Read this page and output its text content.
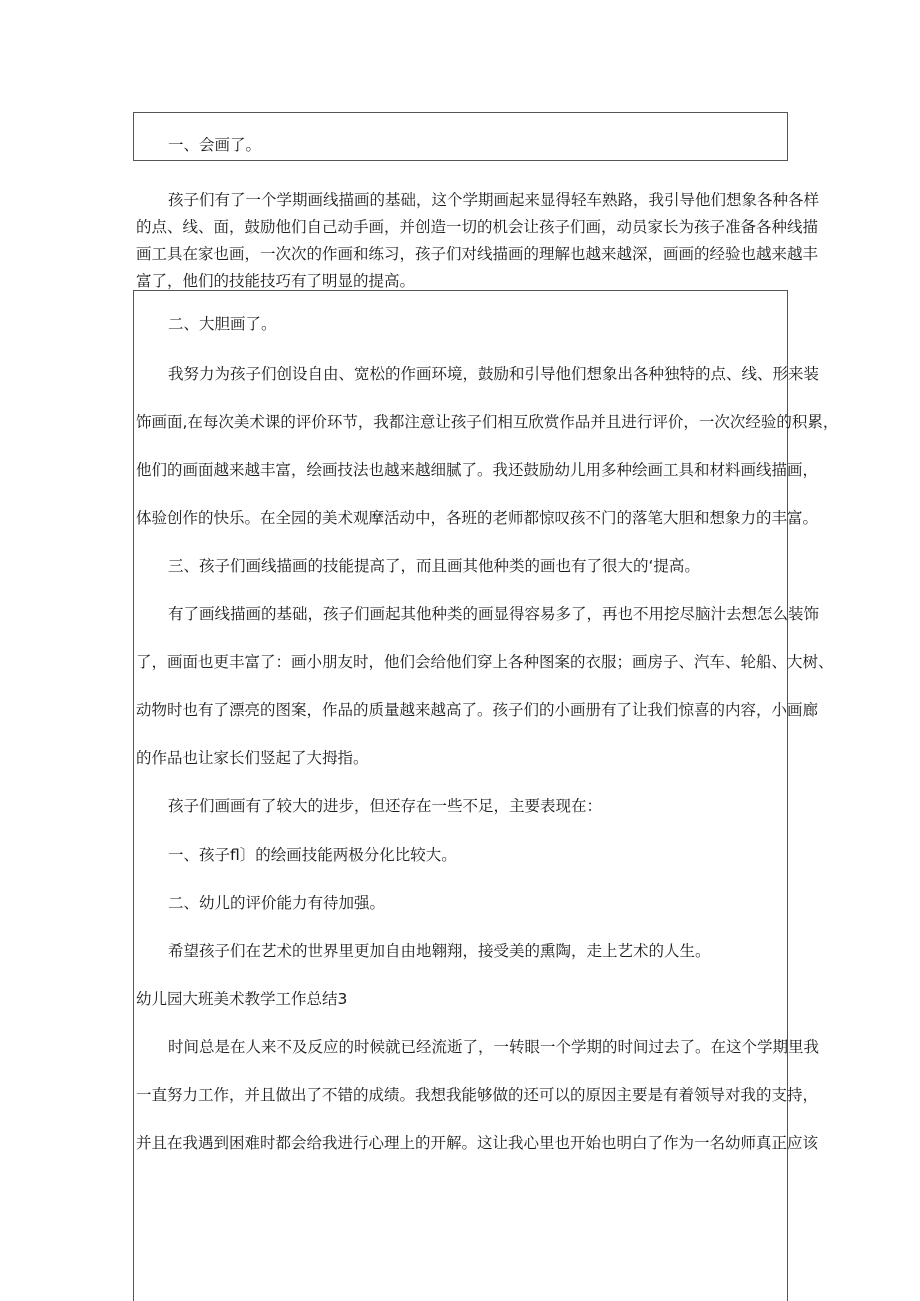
一、会画了。
孩子们有了一个学期画线描画的基础，这个学期画起来显得轻车熟路，我引导他们想象各种各样
的点、线、面，鼓励他们自己动手画，并创造一切的机会让孩子们画，动员家长为孩子准备各种线描
画工具在家也画，一次次的作画和练习，孩子们对线描画的理解也越来越深，画画的经验也越来越丰
富了，他们的技能技巧有了明显的提高。
二、大胆画了。
我努力为孩子们创设自由、宽松的作画环境，鼓励和引导他们想象出各种独特的点、线、形来装
饰画面,在每次美术课的评价环节，我都注意让孩子们相互欣赏作品并且进行评价，一次次经验的积累，
他们的画面越来越丰富，绘画技法也越来越细腻了。我还鼓励幼儿用多种绘画工具和材料画线描画，
体验创作的快乐。在全园的美术观摩活动中，各班的老师都惊叹孩不门的落笔大胆和想象力的丰富。
三、孩子们画线描画的技能提高了，而且画其他种类的画也有了很大的‘提高。
有了画线描画的基础，孩子们画起其他种类的画显得容易多了，再也不用挖尽脑汁去想怎么装饰
了，画面也更丰富了：画小朋友时，他们会给他们穿上各种图案的衣服；画房子、汽车、轮船、大树、
动物时也有了漂亮的图案，作品的质量越来越高了。孩子们的小画册有了让我们惊喜的内容，小画廊
的作品也让家长们竖起了大拇指。
孩子们画画有了较大的进步，但还存在一些不足，主要表现在：
一、孩子fl〕的绘画技能两极分化比较大。
二、幼儿的评价能力有待加强。
希望孩子们在艺术的世界里更加自由地翱翔，接受美的熏陶，走上艺术的人生。
幼儿园大班美术教学工作总结3
时间总是在人来不及反应的时候就已经流逝了，一转眼一个学期的时间过去了。在这个学期里我
一直努力工作，并且做出了不错的成绩。我想我能够做的还可以的原因主要是有着领导对我的支持，
并且在我遇到困难时都会给我进行心理上的开解。这让我心里也开始也明白了作为一名幼师真正应该
